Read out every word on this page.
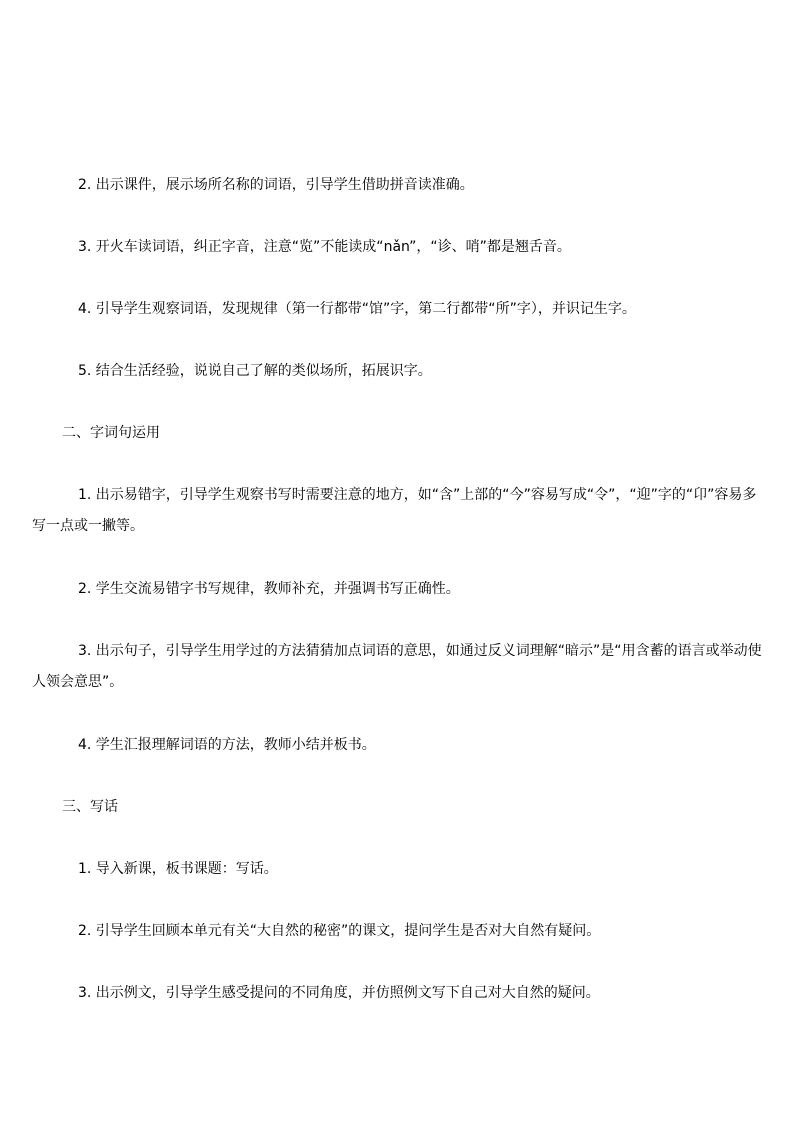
2. 出示课件，展示场所名称的词语，引导学生借助拼音读准确。

3. 开火车读词语，纠正字音，注意“览”不能读成“nǎn”，“诊、哨”都是翘舌音。

4. 引导学生观察词语，发现规律（第一行都带“馆”字，第二行都带“所”字），并识记生字。

5. 结合生活经验，说说自己了解的类似场所，拓展识字。

二、字词句运用

1. 出示易错字，引导学生观察书写时需要注意的地方，如“含”上部的“今”容易写成“令”，“迎”字的“卬”容易多写一点或一撇等。

2. 学生交流易错字书写规律，教师补充，并强调书写正确性。

3. 出示句子，引导学生用学过的方法猜猜加点词语的意思，如通过反义词理解“暗示”是“用含蓄的语言或举动使人领会意思”。

4. 学生汇报理解词语的方法，教师小结并板书。

三、写话

1. 导入新课，板书课题：写话。

2. 引导学生回顾本单元有关“大自然的秘密”的课文，提问学生是否对大自然有疑问。

3. 出示例文，引导学生感受提问的不同角度，并仿照例文写下自己对大自然的疑问。
